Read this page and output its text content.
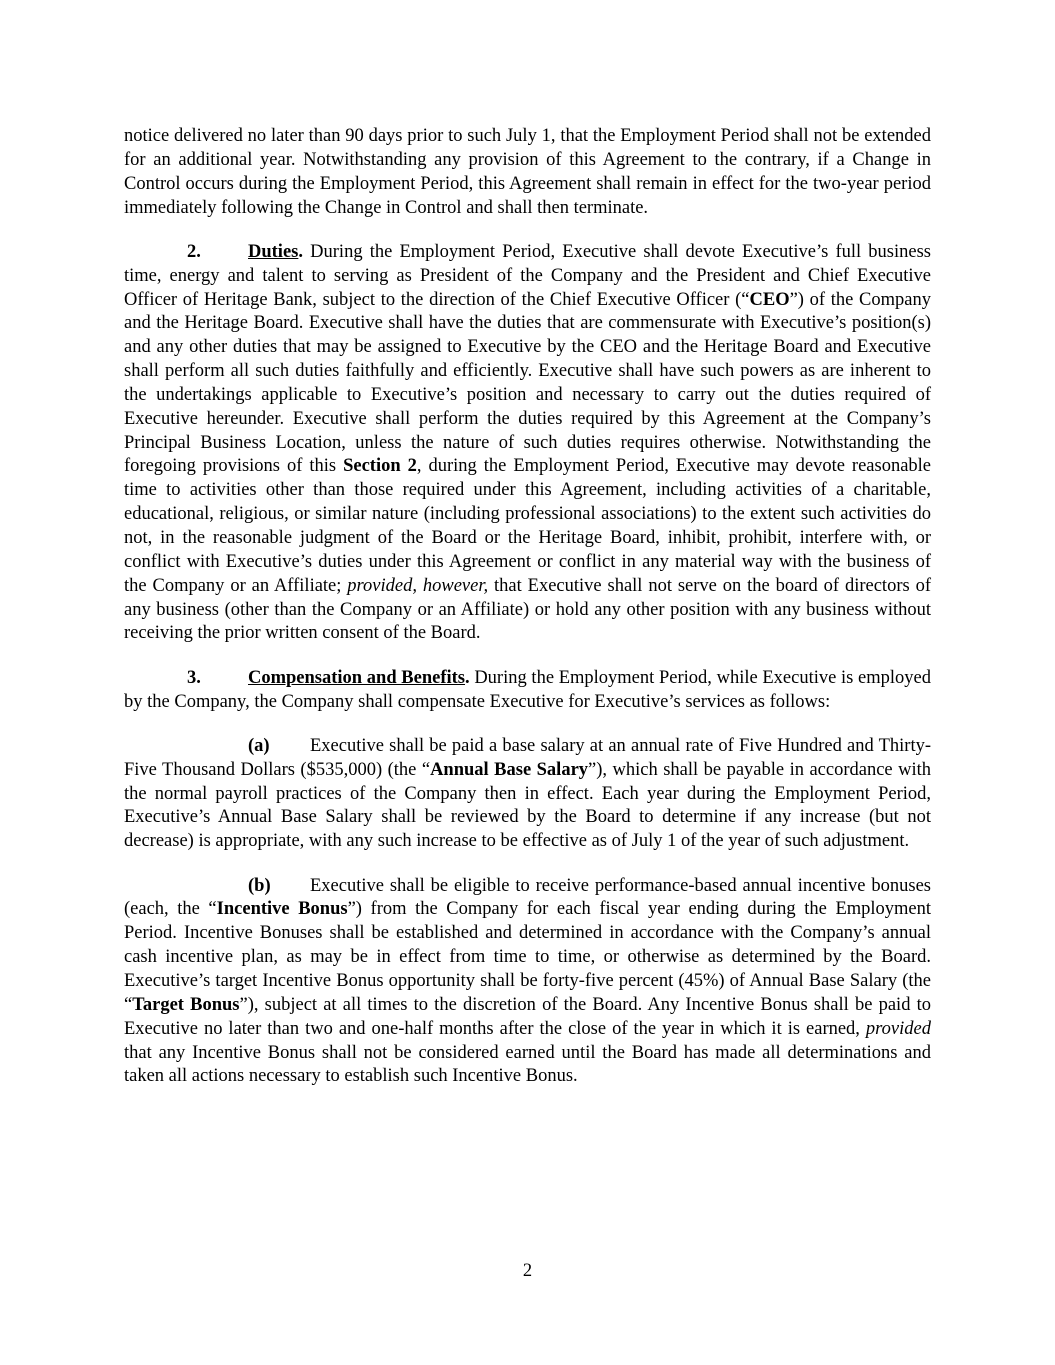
notice delivered no later than 90 days prior to such July 1, that the Employment Period shall not be extended for an additional year. Notwithstanding any provision of this Agreement to the contrary, if a Change in Control occurs during the Employment Period, this Agreement shall remain in effect for the two-year period immediately following the Change in Control and shall then terminate.

2.	Duties. During the Employment Period, Executive shall devote Executive’s full business time, energy and talent to serving as President of the Company and the President and Chief Executive Officer of Heritage Bank, subject to the direction of the Chief Executive Officer (“CEO”) of the Company and the Heritage Board. Executive shall have the duties that are commensurate with Executive’s position(s) and any other duties that may be assigned to Executive by the CEO and the Heritage Board and Executive shall perform all such duties faithfully and efficiently. Executive shall have such powers as are inherent to the undertakings applicable to Executive’s position and necessary to carry out the duties required of Executive hereunder. Executive shall perform the duties required by this Agreement at the Company’s Principal Business Location, unless the nature of such duties requires otherwise. Notwithstanding the foregoing provisions of this Section 2, during the Employment Period, Executive may devote reasonable time to activities other than those required under this Agreement, including activities of a charitable, educational, religious, or similar nature (including professional associations) to the extent such activities do not, in the reasonable judgment of the Board or the Heritage Board, inhibit, prohibit, interfere with, or conflict with Executive’s duties under this Agreement or conflict in any material way with the business of the Company or an Affiliate; provided, however, that Executive shall not serve on the board of directors of any business (other than the Company or an Affiliate) or hold any other position with any business without receiving the prior written consent of the Board.

3.	Compensation and Benefits. During the Employment Period, while Executive is employed by the Company, the Company shall compensate Executive for Executive’s services as follows:

(a) Executive shall be paid a base salary at an annual rate of Five Hundred and Thirty-Five Thousand Dollars ($535,000) (the “Annual Base Salary”), which shall be payable in accordance with the normal payroll practices of the Company then in effect. Each year during the Employment Period, Executive’s Annual Base Salary shall be reviewed by the Board to determine if any increase (but not decrease) is appropriate, with any such increase to be effective as of July 1 of the year of such adjustment.

(b) Executive shall be eligible to receive performance-based annual incentive bonuses (each, the “Incentive Bonus”) from the Company for each fiscal year ending during the Employment Period. Incentive Bonuses shall be established and determined in accordance with the Company’s annual cash incentive plan, as may be in effect from time to time, or otherwise as determined by the Board. Executive’s target Incentive Bonus opportunity shall be forty-five percent (45%) of Annual Base Salary (the “Target Bonus”), subject at all times to the discretion of the Board. Any Incentive Bonus shall be paid to Executive no later than two and one-half months after the close of the year in which it is earned, provided that any Incentive Bonus shall not be considered earned until the Board has made all determinations and taken all actions necessary to establish such Incentive Bonus.

2
